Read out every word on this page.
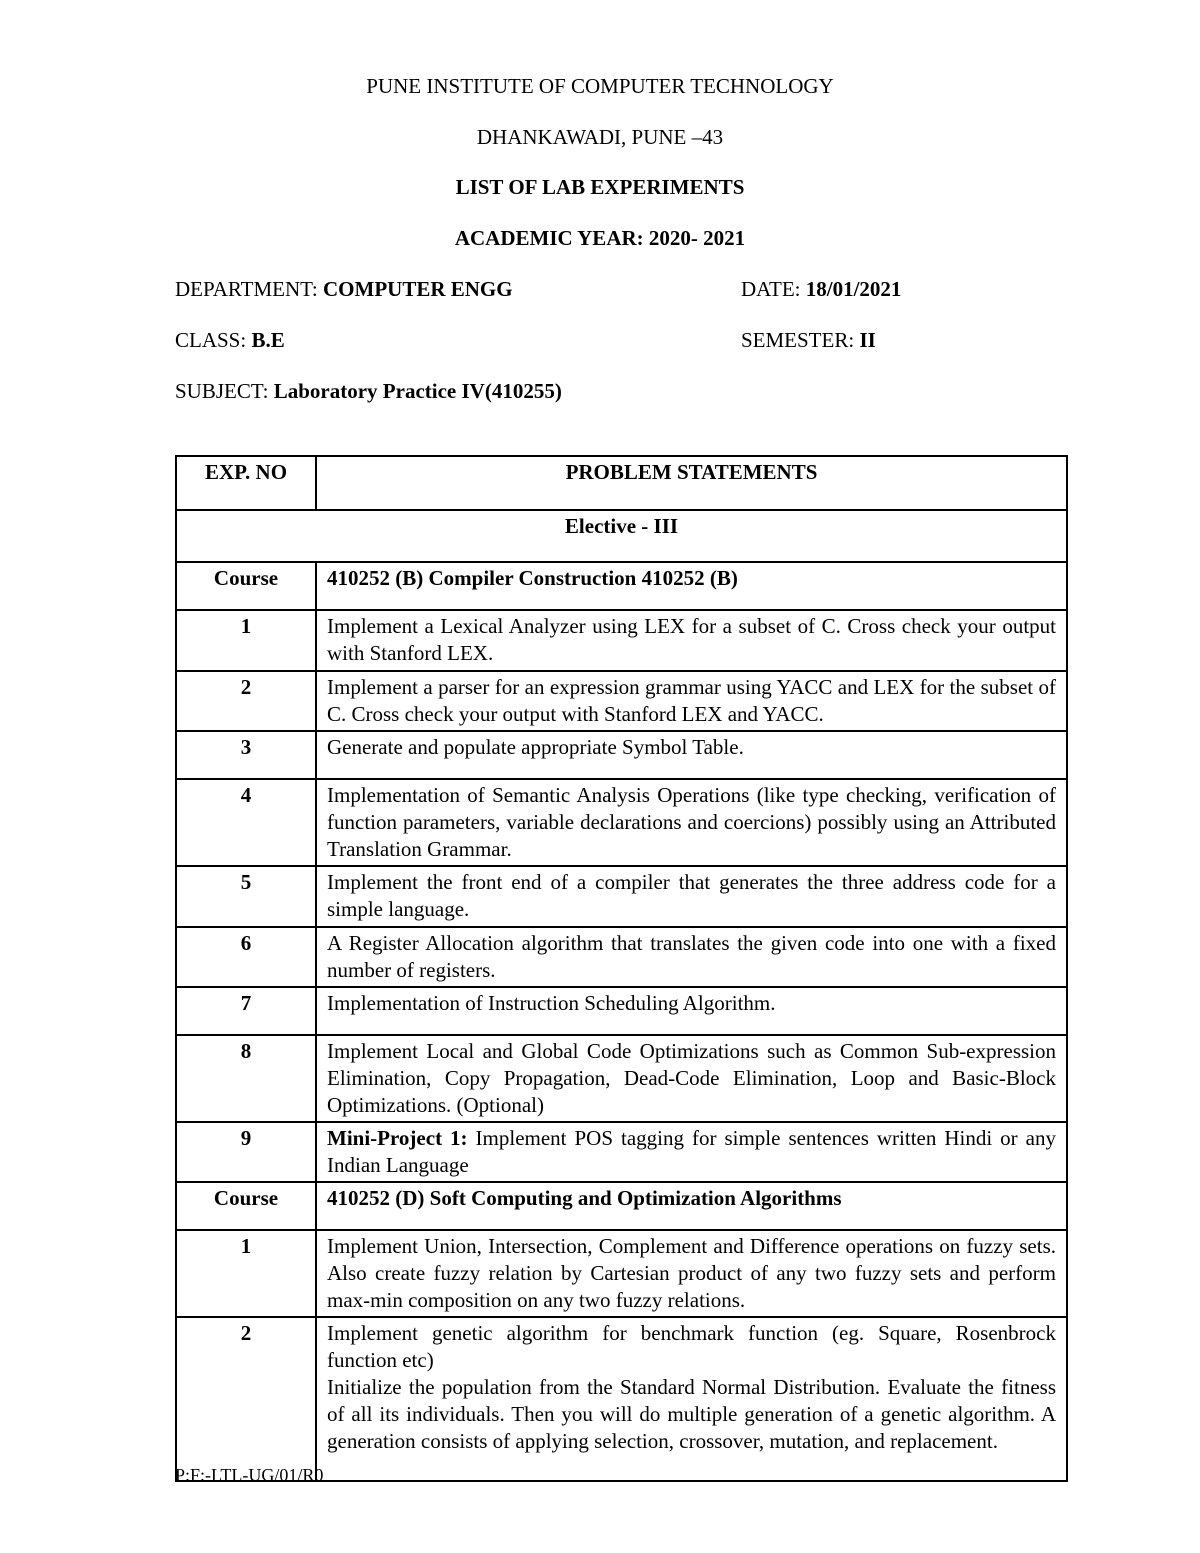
PUNE INSTITUTE OF COMPUTER TECHNOLOGY
DHANKAWADI, PUNE –43
LIST OF LAB EXPERIMENTS
ACADEMIC YEAR: 2020- 2021
DEPARTMENT: COMPUTER ENGG	DATE: 18/01/2021
CLASS: B.E	SEMESTER: II
SUBJECT: Laboratory Practice IV(410255)
EXP. NO	PROBLEM STATEMENTS
Elective - III	
Course	410252 (B) Compiler Construction 410252 (B)
1	Implement a Lexical Analyzer using LEX for a subset of C. Cross check your output with Stanford LEX.
2	Implement a parser for an expression grammar using YACC and LEX for the subset of C. Cross check your output with Stanford LEX and YACC.
3	Generate and populate appropriate Symbol Table.
4	Implementation of Semantic Analysis Operations (like type checking, verification of function parameters, variable declarations and coercions) possibly using an Attributed Translation Grammar.
5	Implement the front end of a compiler that generates the three address code for a simple language.
6	A Register Allocation algorithm that translates the given code into one with a fixed number of registers.
7	Implementation of Instruction Scheduling Algorithm.
8	Implement Local and Global Code Optimizations such as Common Sub-expression Elimination, Copy Propagation, Dead-Code Elimination, Loop and Basic-Block Optimizations. (Optional)
9	Mini-Project 1: Implement POS tagging for simple sentences written Hindi or any Indian Language
Course	410252 (D) Soft Computing and Optimization Algorithms
1	Implement Union, Intersection, Complement and Difference operations on fuzzy sets. Also create fuzzy relation by Cartesian product of any two fuzzy sets and perform max-min composition on any two fuzzy relations.
2	Implement genetic algorithm for benchmark function (eg. Square, Rosenbrock function etc)
Initialize the population from the Standard Normal Distribution. Evaluate the fitness of all its individuals. Then you will do multiple generation of a genetic algorithm. A generation consists of applying selection, crossover, mutation, and replacement.
P:F:-LTL-UG/01/R0
